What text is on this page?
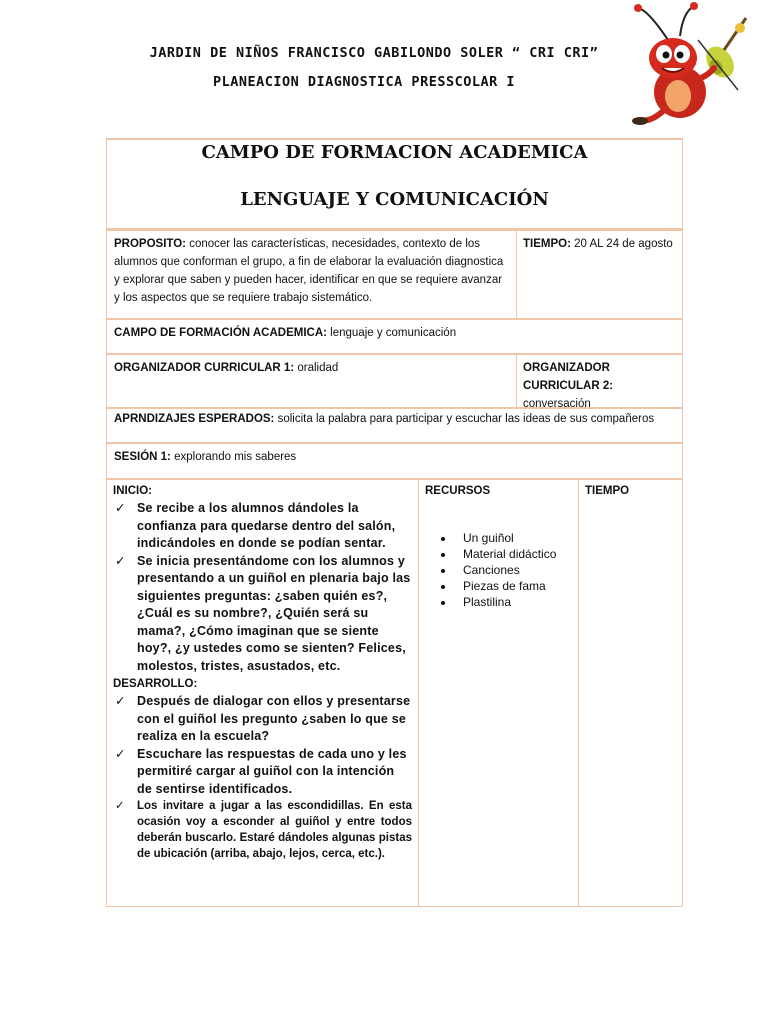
JARDIN DE NIÑOS FRANCISCO GABILONDO SOLER “ CRI CRI”
PLANEACION DIAGNOSTICA PRESSCOLAR I
CAMPO DE FORMACION ACADEMICA
LENGUAJE Y COMUNICACIÓN
PROPOSITO: conocer las características, necesidades, contexto de los alumnos que conforman el grupo, a fin de elaborar la evaluación diagnostica y explorar que saben y pueden hacer, identificar en que se requiere avanzar y los aspectos que se requiere trabajo sistemático.
TIEMPO: 20 AL 24 de agosto
CAMPO DE FORMACIÓN ACADEMICA: lenguaje y comunicación
ORGANIZADOR CURRICULAR 1: oralidad	ORGANIZADOR CURRICULAR 2: conversación
APRNDIZAJES ESPERADOS: solicita la palabra para participar y escuchar las ideas de sus compañeros
SESIÓN 1: explorando mis saberes
INICIO:
✓ Se recibe a los alumnos dándoles la confianza para quedarse dentro del salón, indicándoles en donde se podían sentar.
✓ Se inicia presentándome con los alumnos y presentando a un guiñol en plenaria bajo las siguientes preguntas: ¿saben quién es?, ¿Cuál es su nombre?, ¿Quién será su mama?, ¿Cómo imaginan que se siente hoy?, ¿y ustedes como se sienten? Felices, molestos, tristes, asustados, etc.
DESARROLLO:
✓ Después de dialogar con ellos y presentarse con el guiñol les pregunto ¿saben lo que se realiza en la escuela?
✓ Escuchare las respuestas de cada uno y les permitiré cargar al guiñol con la intención de sentirse identificados.
✓ Los invitare a jugar a las escondidillas. En esta ocasión voy a esconder al guiñol y entre todos deberán buscarlo. Estaré dándoles algunas pistas de ubicación (arriba, abajo, lejos, cerca, etc.).
RECURSOS
• Un guiñol
• Material didáctico
• Canciones
• Piezas de fama
• Plastilina
TIEMPO
